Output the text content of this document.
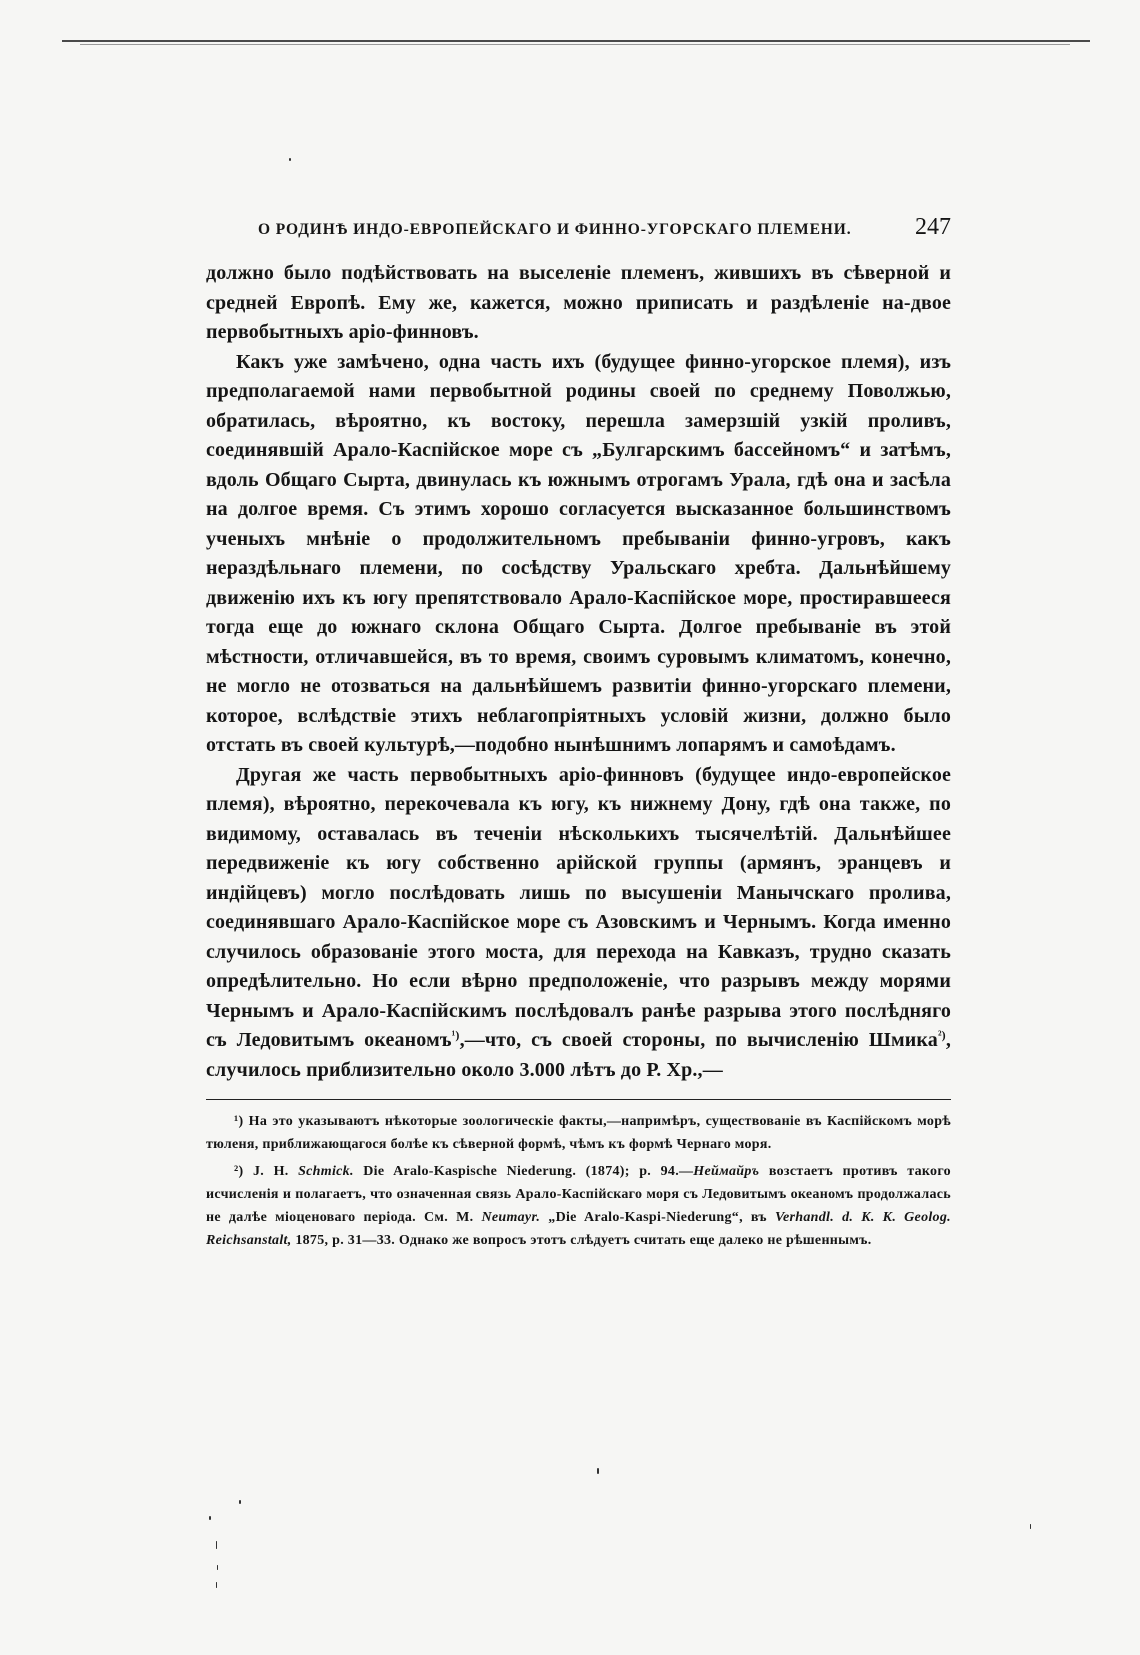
О РОДИНѢ ИНДО-ЕВРОПЕЙСКАГО И ФИННО-УГОРСКАГО ПЛЕМЕНИ.	247

должно было подѣйствовать на выселеніе племенъ, жившихъ въ сѣверной и средней Европѣ. Ему же, кажется, можно приписать и раздѣленіе на-двое первобытныхъ аріо-финновъ.

Какъ уже замѣчено, одна часть ихъ (будущее финно-угорское племя), изъ предполагаемой нами первобытной родины своей по среднему Поволжью, обратилась, вѣроятно, къ востоку, перешла замерзшій узкій проливъ, соединявшій Арало-Каспійское море съ „Булгарскимъ бассейномъ“ и затѣмъ, вдоль Общаго Сырта, двинулась къ южнымъ отрогамъ Урала, гдѣ она и засѣла на долгое время. Съ этимъ хорошо согласуется высказанное большинствомъ ученыхъ мнѣніе о продолжительномъ пребываніи финно-угровъ, какъ нераздѣльнаго племени, по сосѣдству Уральскаго хребта. Дальнѣйшему движенію ихъ къ югу препятствовало Арало-Каспійское море, простиравшееся тогда еще до южнаго склона Общаго Сырта. Долгое пребываніе въ этой мѣстности, отличавшейся, въ то время, своимъ суровымъ климатомъ, конечно, не могло не отозваться на дальнѣйшемъ развитіи финно-угорскаго племени, которое, вслѣдствіе этихъ неблагопріятныхъ условій жизни, должно было отстать въ своей культурѣ,—подобно нынѣшнимъ лопарямъ и самоѣдамъ.

Другая же часть первобытныхъ аріо-финновъ (будущее индо-европейское племя), вѣроятно, перекочевала къ югу, къ нижнему Дону, гдѣ она также, по видимому, оставалась въ теченіи нѣсколькихъ тысячелѣтій. Дальнѣйшее передвиженіе къ югу собственно арійской группы (армянъ, эранцевъ и индійцевъ) могло послѣдовать лишь по высушеніи Манычскаго пролива, соединявшаго Арало-Каспійское море съ Азовскимъ и Чернымъ. Когда именно случилось образованіе этого моста, для перехода на Кавказъ, трудно сказать опредѣлительно. Но если вѣрно предположеніе, что разрывъ между морями Чернымъ и Арало-Каспійскимъ послѣдовалъ ранѣе разрыва этого послѣдняго съ Ледовитымъ океаномъ$^{^1)}$,—что, съ своей стороны, по вычисленію Шмика$^{^2)}$, случилось приблизительно около 3.000 лѣтъ до Р. Хр.,—

¹) На это указываютъ нѣкоторые зоологическіе факты,—напримѣръ, существованіе въ Каспійскомъ морѣ тюленя, приближающагося болѣе къ сѣверной формѣ, чѣмъ къ формѣ Чернаго моря.

²) J. H. Schmick. Die Aralo-Kaspische Niederung. (1874); p. 94.—Неймайръ возстаетъ противъ такого исчисленія и полагаетъ, что означенная связь Арало-Каспійскаго моря съ Ледовитымъ океаномъ продолжалась не далѣе міоценоваго періода. См. М. Neumayr. „Die Aralo-Kaspi-Niederung“, въ Verhandl. d. K. K. Geolog. Reichsanstalt, 1875, p. 31—33. Однако же вопросъ этотъ слѣдуетъ считать еще далеко не рѣшеннымъ.
